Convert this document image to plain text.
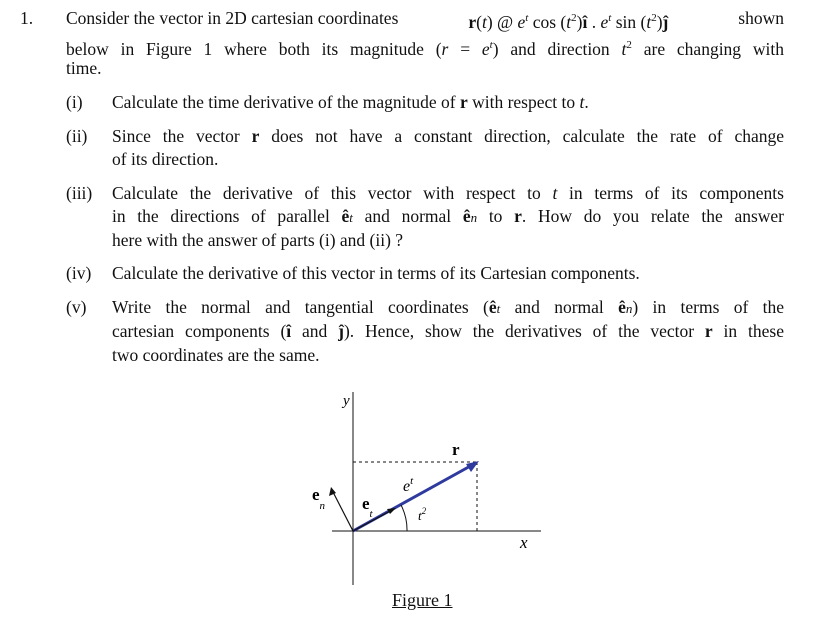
1. Consider the vector in 2D cartesian coordinates	r(t) @ $e^t$ $\cos (t^2)î$ . $e^t$ $\sin (t^2)ĵ$	shown
below in Figure 1 where both its magnitude $(r = e^t)$ and direction $t^2$ are changing with
time.
(i) Calculate the time derivative of the magnitude of r with respect to t.
(ii) Since the vector r does not have a constant direction, calculate the rate of change
of its direction.
(iii) Calculate the derivative of this vector with respect to t in terms of its components
in the directions of parallel êt and normal ên to r. How do you relate the answer
here with the answer of parts (i) and (ii) ?
(iv) Calculate the derivative of this vector in terms of its Cartesian components.
(v) Write the normal and tangential coordinates (êt and normal ên) in terms of the
cartesian components (î and ĵ). Hence, show the derivatives of the vector r in these
two coordinates are the same.
y
x
r
$e^t$
$t^2$
$e_n$ $e_t$
Figure 1
